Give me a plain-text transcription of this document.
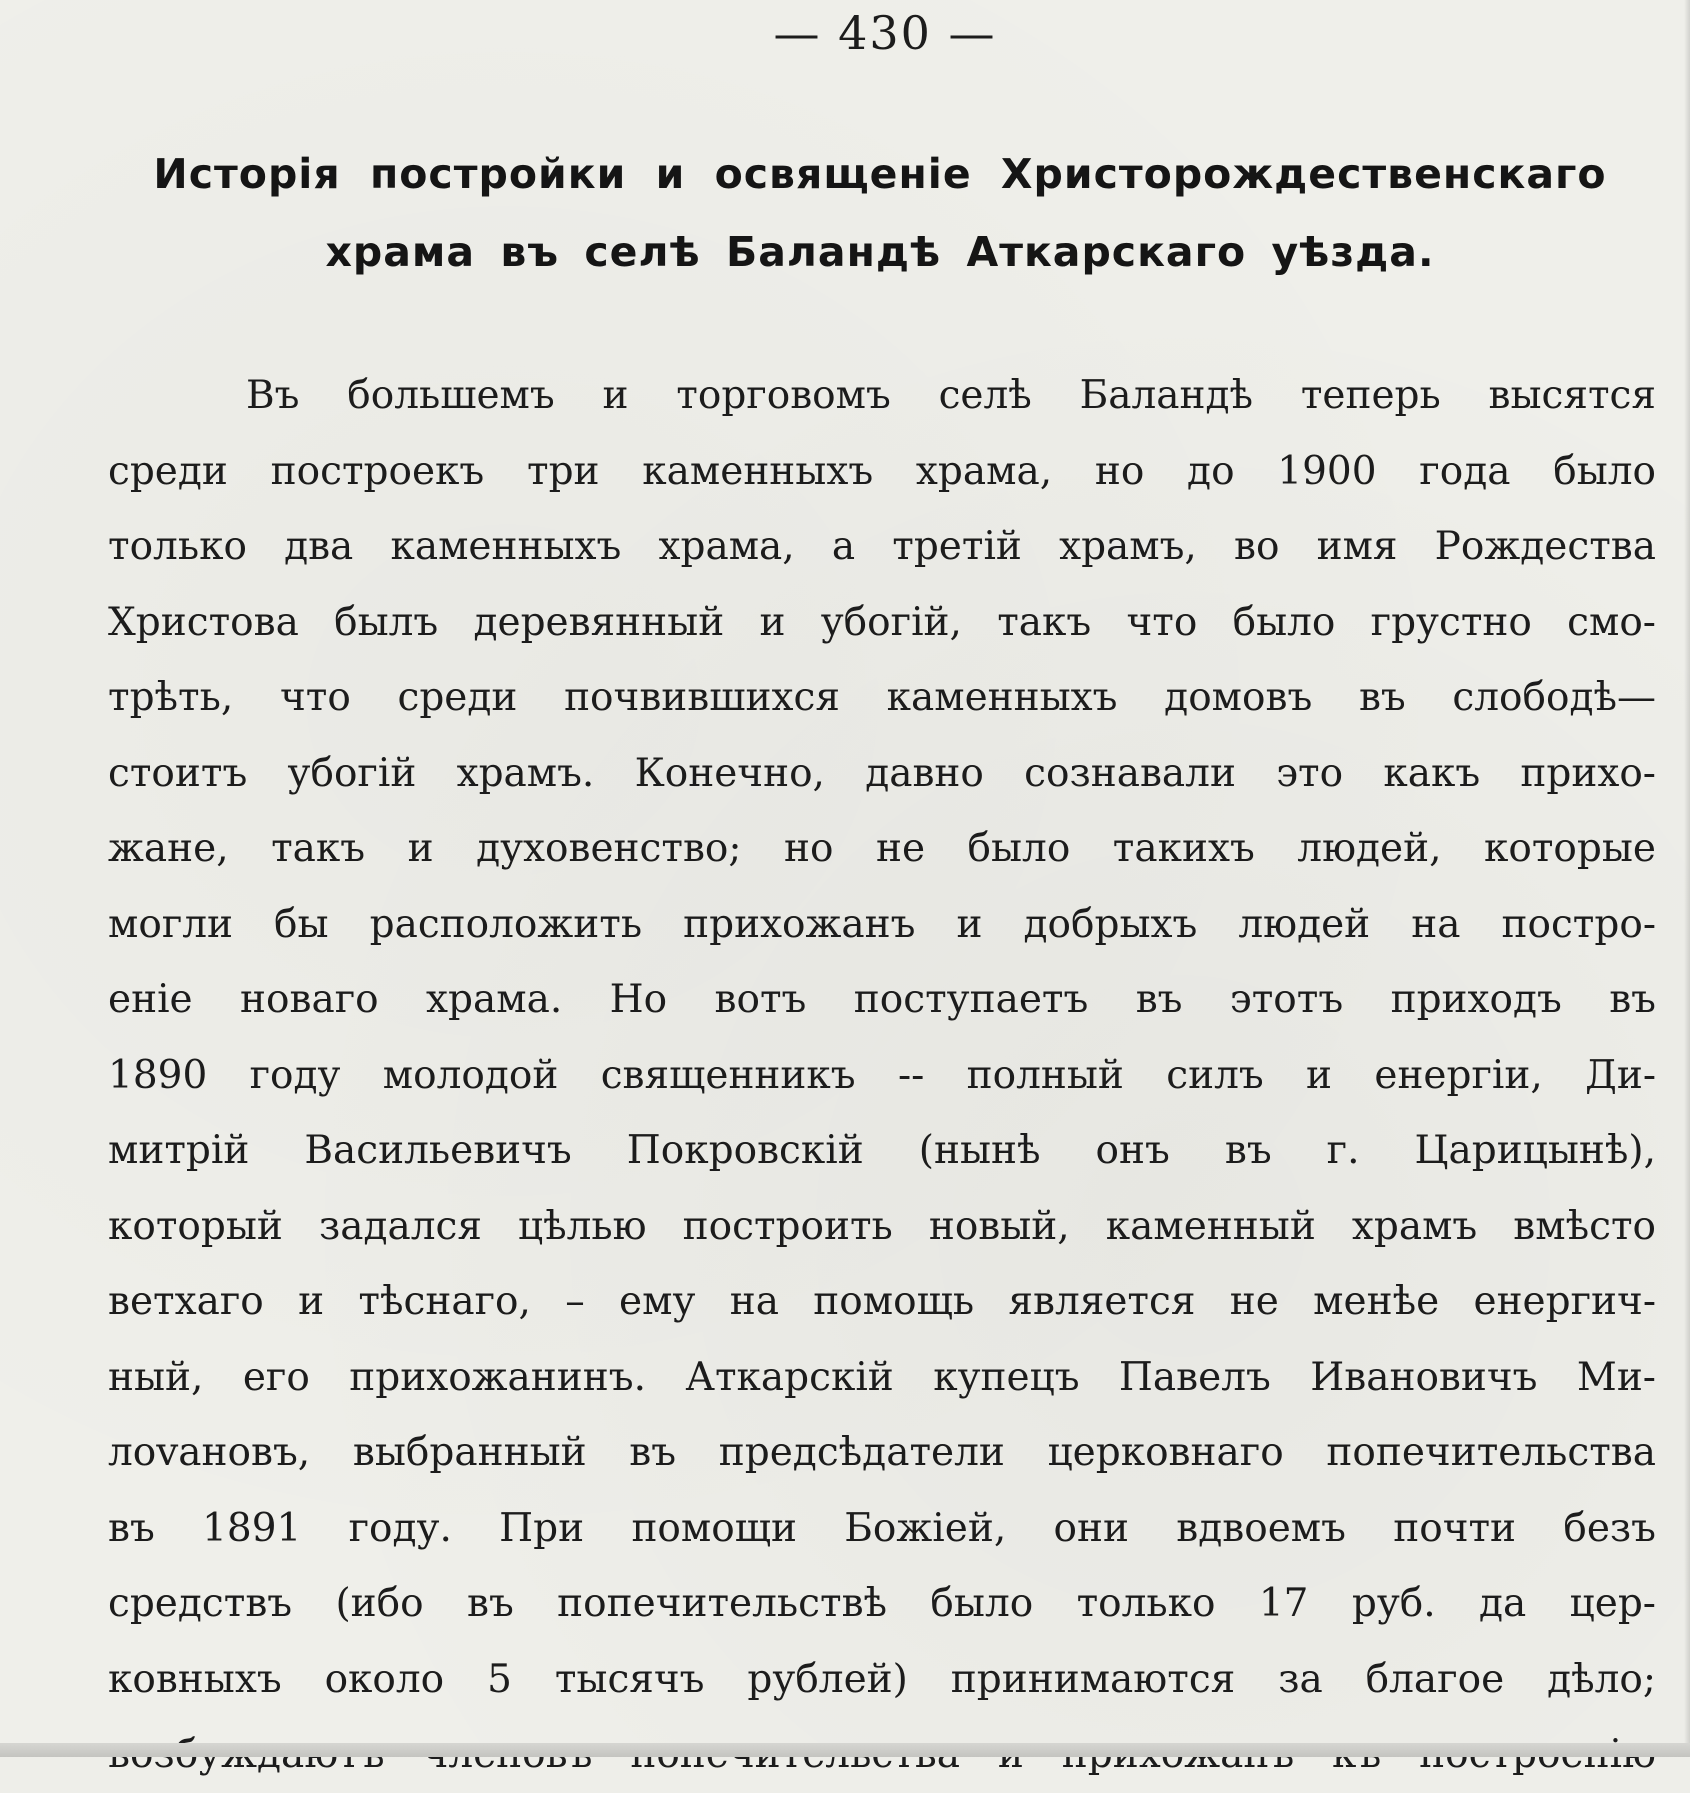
— 430 —
Исторія постройки и освященіе Христорождественскаго
храма въ селѣ Баландѣ Аткарскаго уѣзда.
Въ большемъ и торговомъ селѣ Баландѣ теперь высятся
среди построекъ три каменныхъ храма, но до 1900 года было
только два каменныхъ храма, а третій храмъ, во имя Рождества
Христова былъ деревянный и убогій, такъ что было грустно смо-
трѣть, что среди почвившихся каменныхъ домовъ въ слободѣ—
стоитъ убогій храмъ. Конечно, давно сознавали это какъ прихо-
жане, такъ и духовенство; но не было такихъ людей, которые
могли бы расположить прихожанъ и добрыхъ людей на постро-
еніе новаго храма. Но вотъ поступаетъ въ этотъ приходъ въ
1890 году молодой священникъ -- полный силъ и енергіи, Ди-
митрій Васильевичъ Покровскій (нынѣ онъ въ г. Царицынѣ),
который задался цѣлью построить новый, каменный храмъ вмѣсто
ветхаго и тѣснаго, – ему на помощь является не менѣе енергич-
ный, его прихожанинъ. Аткарскій купецъ Павелъ Ивановичъ Ми-
лovановъ, выбранный въ предсѣдатели церковнаго попечительства
въ 1891 году. При помощи Божіей, они вдвоемъ почти безъ
средствъ (ибо въ попечительствѣ было только 17 руб. да цер-
ковныхъ около 5 тысячъ рублей) принимаются за благое дѣло;
